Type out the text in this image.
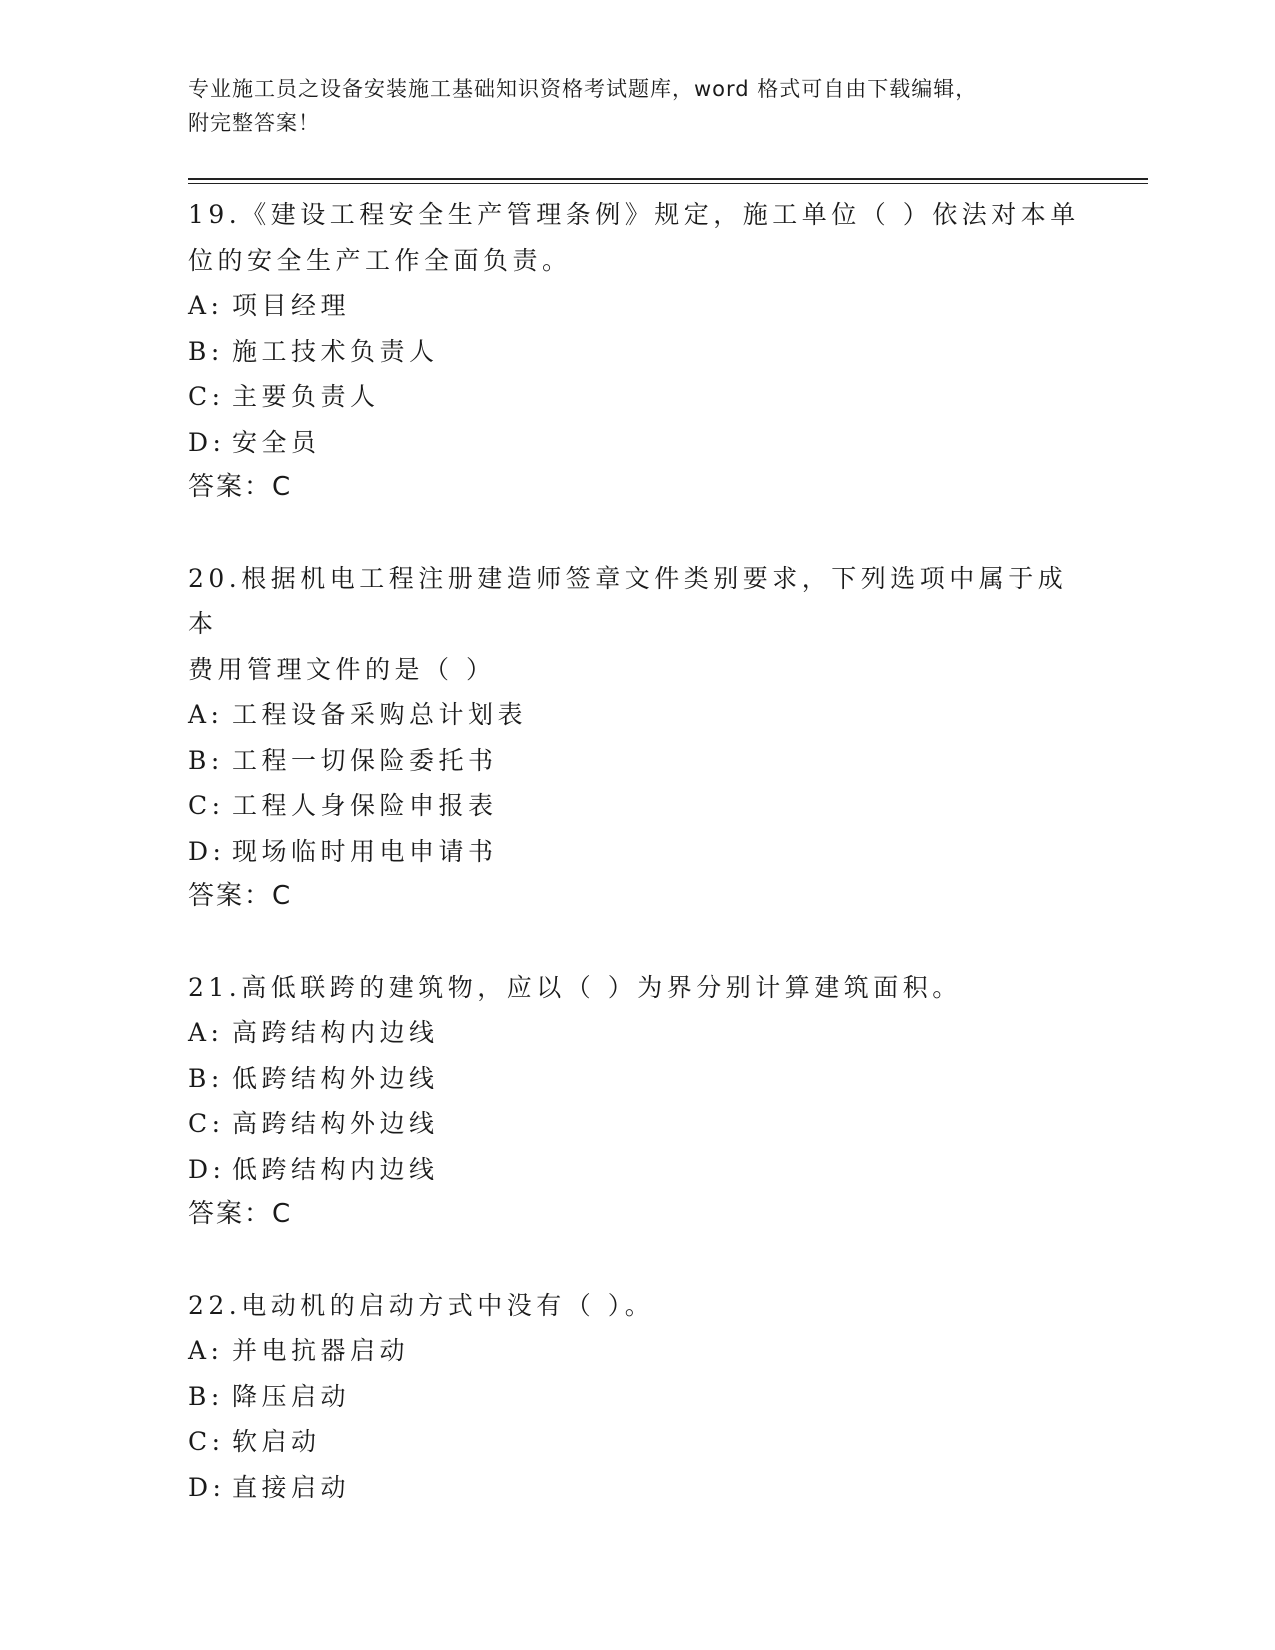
专业施工员之设备安装施工基础知识资格考试题库，word 格式可自由下载编辑，
附完整答案！

19.《建设工程安全生产管理条例》规定，施工单位（ ）依法对本单

位的安全生产工作全面负责。

A: 项目经理

B: 施工技术负责人

C: 主要负责人

D: 安全员

答案：C

20.根据机电工程注册建造师签章文件类别要求，下列选项中属于成本

费用管理文件的是（ ）

A: 工程设备采购总计划表

B: 工程一切保险委托书

C: 工程人身保险申报表

D: 现场临时用电申请书

答案：C

21.高低联跨的建筑物，应以（ ）为界分别计算建筑面积。

A: 高跨结构内边线

B: 低跨结构外边线

C: 高跨结构外边线

D: 低跨结构内边线

答案：C

22.电动机的启动方式中没有（ ）。

A: 并电抗器启动

B: 降压启动

C: 软启动

D: 直接启动
